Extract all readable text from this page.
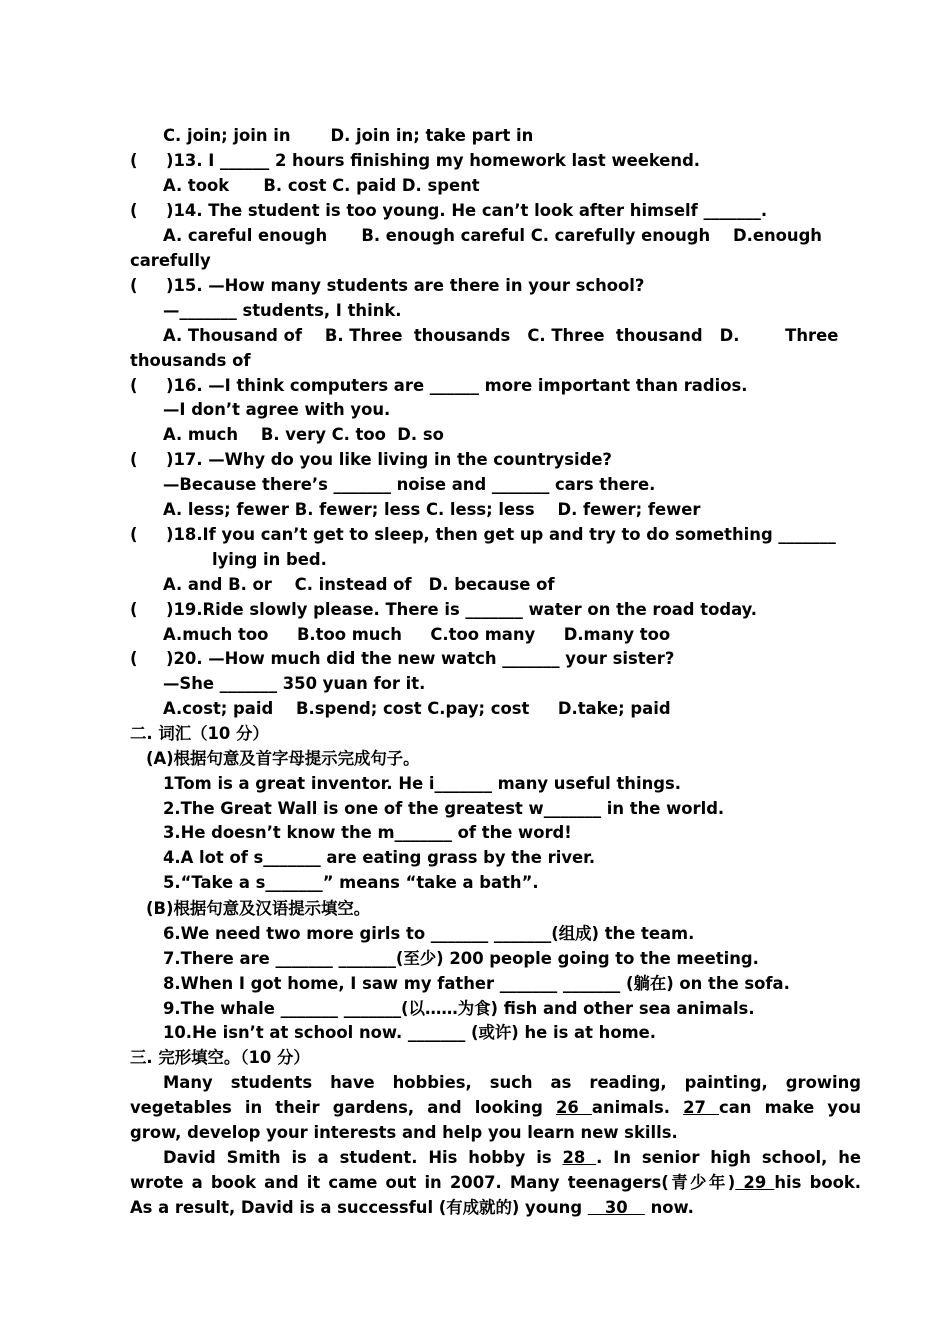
C. join; join in       D. join in; take part in
(     )13. I ______ 2 hours finishing my homework last weekend.
A. took      B. cost C. paid D. spent
(     )14. The student is too young. He can’t look after himself _______.
A. careful enough      B. enough careful C. carefully enough    D.enough
carefully
(     )15. —How many students are there in your school?
—_______ students, I think.
A. Thousand of    B. Three  thousands   C. Three  thousand   D.        Three
thousands of
(     )16. —I think computers are ______ more important than radios.
—I don’t agree with you.
A. much    B. very C. too  D. so
(     )17. —Why do you like living in the countryside?
—Because there’s _______ noise and _______ cars there.
A. less; fewer B. fewer; less C. less; less    D. fewer; fewer
(     )18.If you can’t get to sleep, then get up and try to do something _______
lying in bed.
A. and B. or    C. instead of   D. because of
(     )19.Ride slowly please. There is _______ water on the road today.
A.much too     B.too much     C.too many     D.many too
(     )20. —How much did the new watch _______ your sister?
—She _______ 350 yuan for it.
A.cost; paid    B.spend; cost C.pay; cost     D.take; paid
二. 词汇（10 分）
(A)根据句意及首字母提示完成句子。
1Tom is a great inventor. He i_______ many useful things.
2.The Great Wall is one of the greatest w_______ in the world.
3.He doesn’t know the m_______ of the word!
4.A lot of s_______ are eating grass by the river.
5.“Take a s_______” means “take a bath”.
(B)根据句意及汉语提示填空。
6.We need two more girls to _______ _______(组成) the team.
7.There are _______ _______(至少) 200 people going to the meeting.
8.When I got home, I saw my father _______ _______ (躺在) on the sofa.
9.The whale _______ _______(以……为食) fish and other sea animals.
10.He isn’t at school now. _______ (或许) he is at home.
三. 完形填空。（10 分）
Many students have hobbies, such as reading, painting, growing
vegetables in their gardens, and looking 26 animals. 27 can make you
grow, develop your interests and help you learn new skills.
David Smith is a student. His hobby is 28 . In senior high school, he
wrote a book and it came out in 2007. Many teenagers(青少年) 29 his book.
As a result, David is a successful (有成就的) young    30    now.
